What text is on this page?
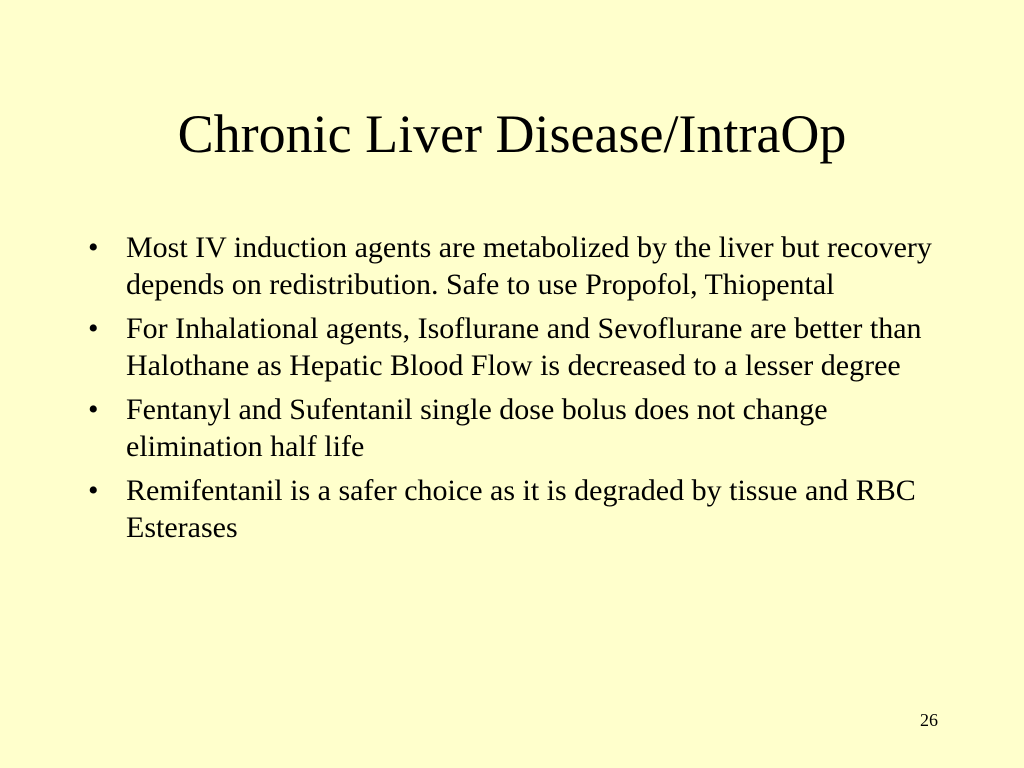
Chronic Liver Disease/IntraOp
• Most IV induction agents are metabolized by the liver but recovery depends on redistribution. Safe to use Propofol, Thiopental
• For Inhalational agents, Isoflurane and Sevoflurane are better than Halothane as Hepatic Blood Flow is decreased to a lesser degree
• Fentanyl and Sufentanil single dose bolus does not change elimination half life
• Remifentanil is a safer choice as it is degraded by tissue and RBC Esterases
26
